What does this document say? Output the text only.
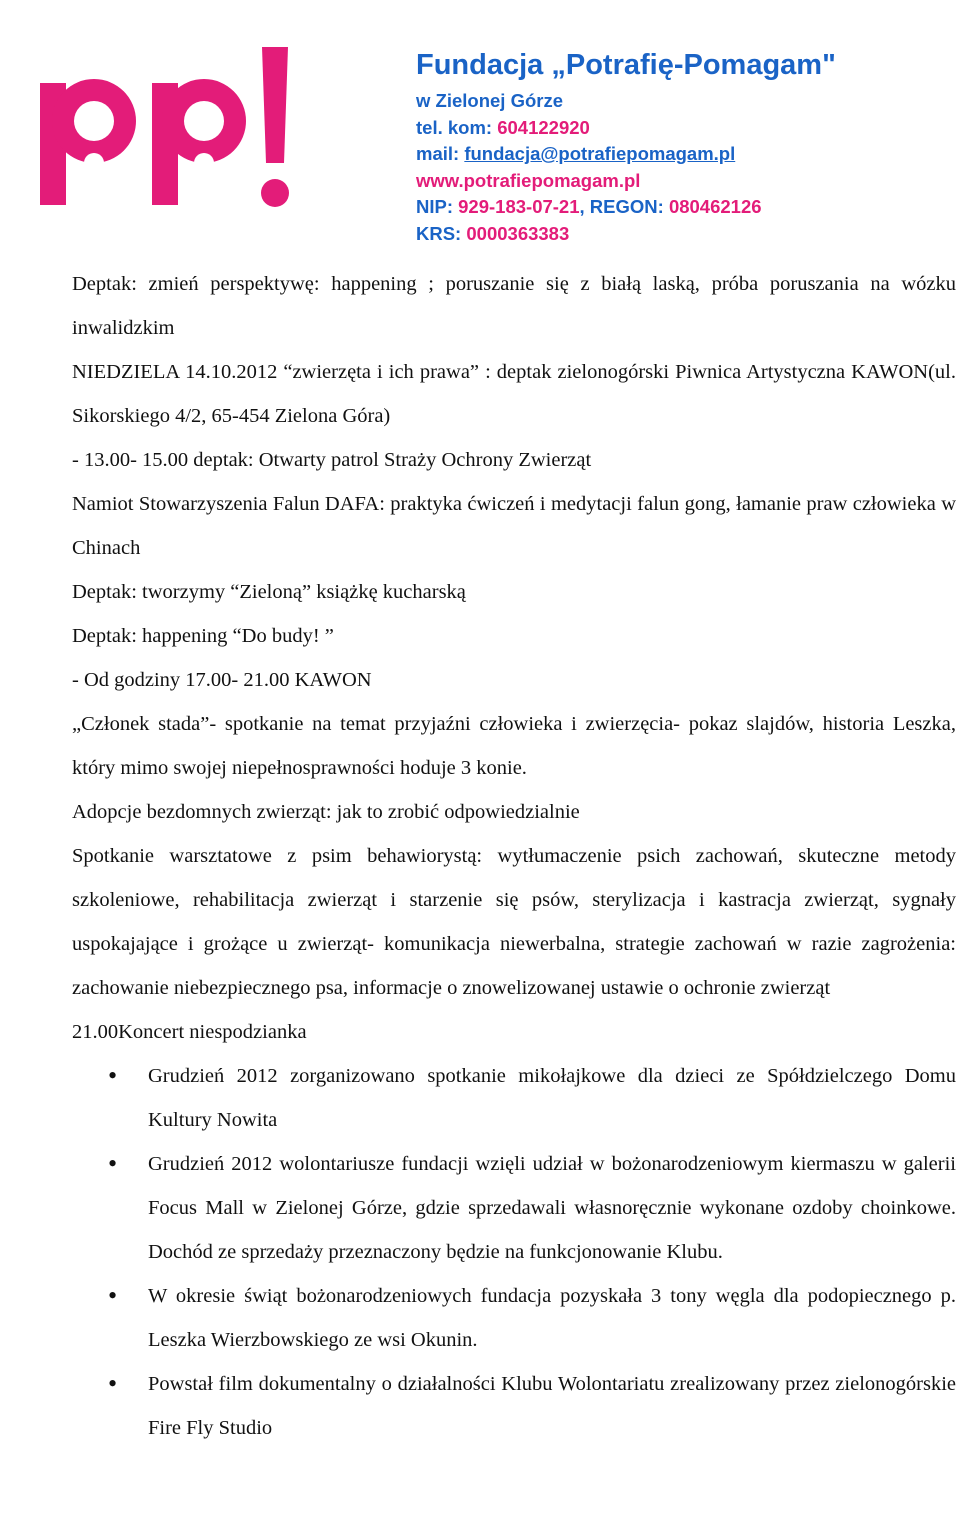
Fundacja „Potrafię-Pomagam"
w Zielonej Górze
tel. kom: 604122920
mail: fundacja@potrafiepomagam.pl
www.potrafiepomagam.pl
NIP: 929-183-07-21, REGON: 080462126
KRS: 0000363383

Deptak: zmień perspektywę: happening ; poruszanie się z białą laską, próba poruszania na wózku inwalidzkim

NIEDZIELA 14.10.2012 “zwierzęta i ich prawa” : deptak zielonogórski Piwnica Artystyczna KAWON(ul. Sikorskiego 4/2, 65-454 Zielona Góra)

- 13.00- 15.00 deptak: Otwarty patrol Straży Ochrony Zwierząt

Namiot Stowarzyszenia Falun DAFA: praktyka ćwiczeń i medytacji falun gong, łamanie praw człowieka w Chinach

Deptak: tworzymy “Zieloną” książkę kucharską

Deptak: happening “Do budy! ”

- Od godziny 17.00- 21.00 KAWON

„Członek stada”- spotkanie na temat przyjaźni człowieka i zwierzęcia- pokaz slajdów, historia Leszka, który mimo swojej niepełnosprawności hoduje 3 konie.

Adopcje bezdomnych zwierząt: jak to zrobić odpowiedzialnie

Spotkanie warsztatowe z psim behawiorystą: wytłumaczenie psich zachowań, skuteczne metody szkoleniowe, rehabilitacja zwierząt i starzenie się psów, sterylizacja i kastracja zwierząt, sygnały uspokajające i grożące u zwierząt- komunikacja niewerbalna, strategie zachowań w razie zagrożenia: zachowanie niebezpiecznego psa, informacje o znowelizowanej ustawie o ochronie zwierząt

21.00Koncert niespodzianka

• Grudzień 2012 zorganizowano spotkanie mikołajkowe dla dzieci ze Spółdzielczego Domu Kultury Nowita
• Grudzień 2012 wolontariusze fundacji wzięli udział w bożonarodzeniowym kiermaszu w galerii Focus Mall w Zielonej Górze, gdzie sprzedawali własnoręcznie wykonane ozdoby choinkowe. Dochód ze sprzedaży przeznaczony będzie na funkcjonowanie Klubu.
• W okresie świąt bożonarodzeniowych fundacja pozyskała 3 tony węgla dla podopiecznego p. Leszka Wierzbowskiego ze wsi Okunin.
• Powstał film dokumentalny o działalności Klubu Wolontariatu zrealizowany przez zielonogórskie Fire Fly Studio
